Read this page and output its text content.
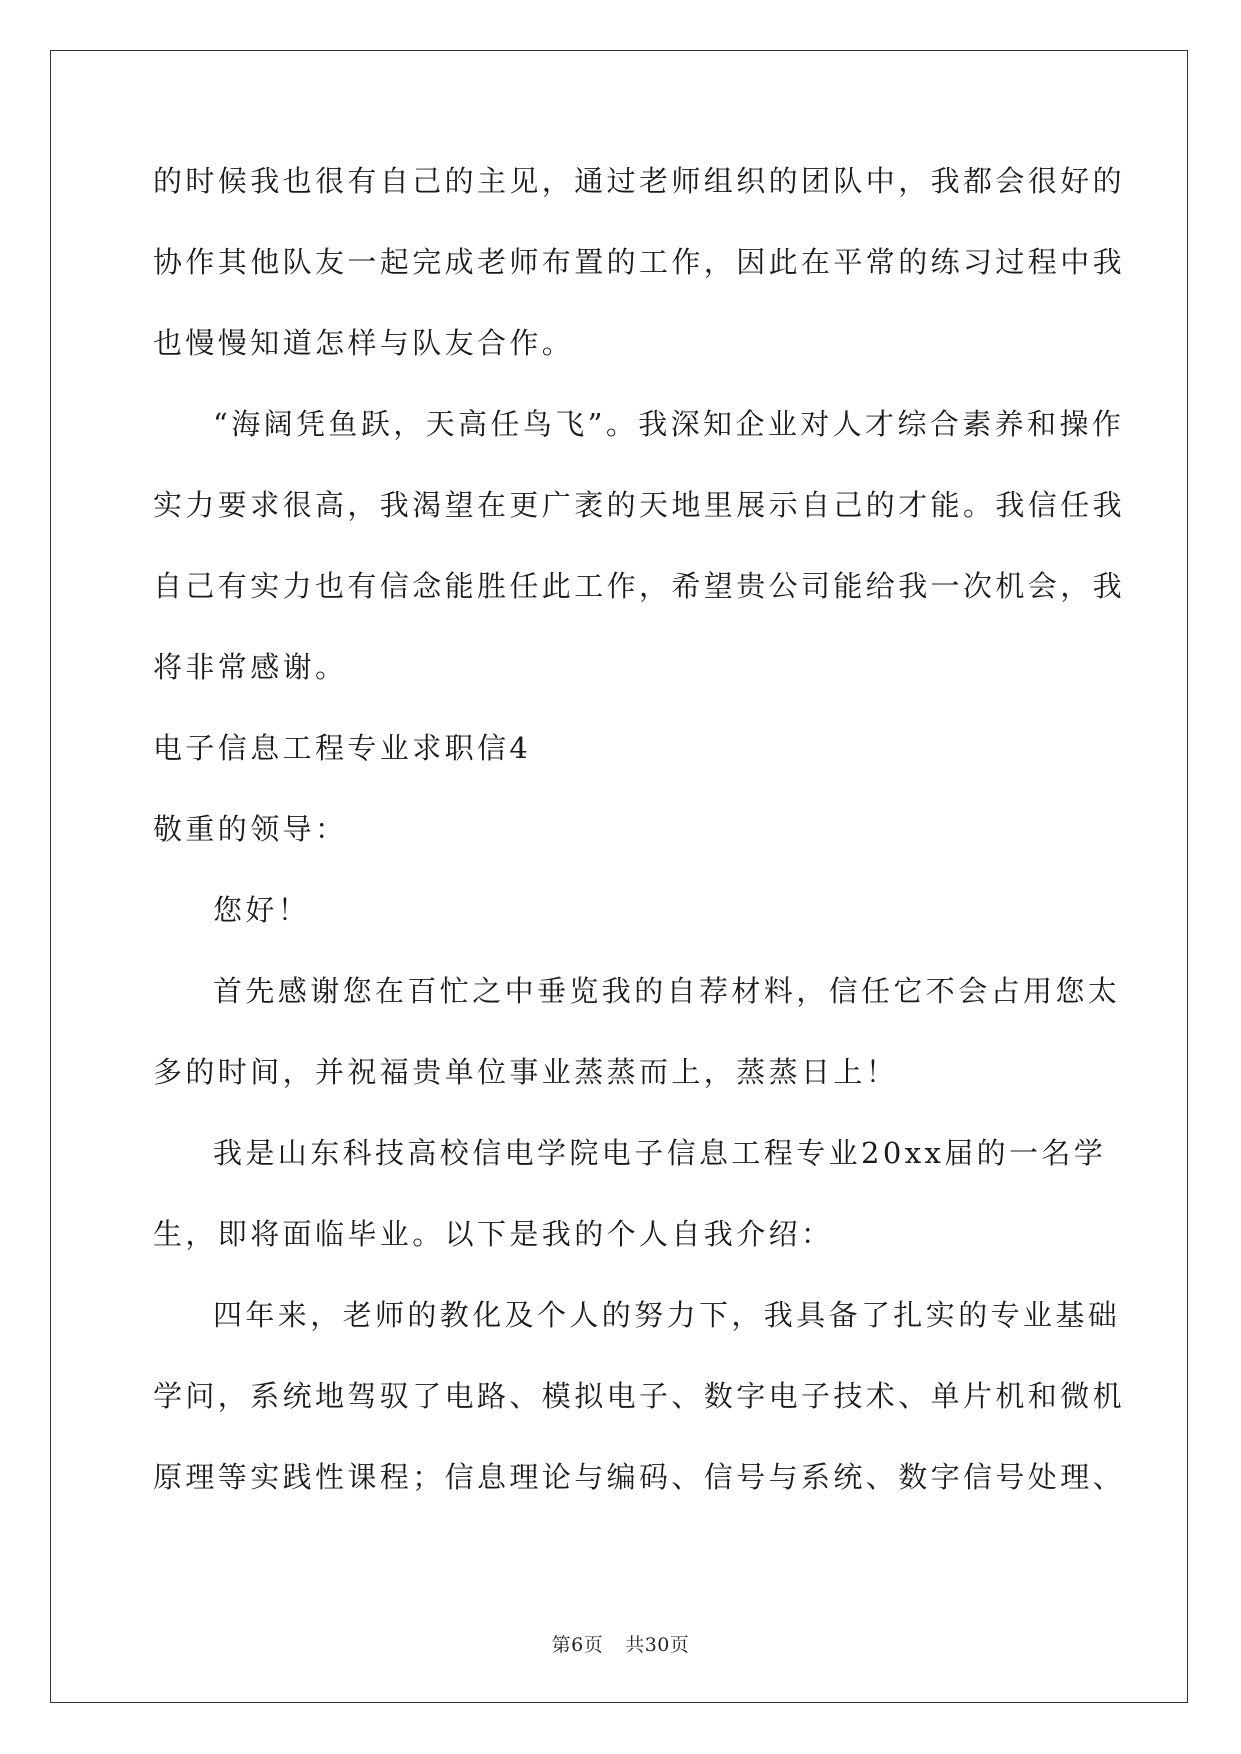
的时候我也很有自己的主见，通过老师组织的团队中，我都会很好的
协作其他队友一起完成老师布置的工作，因此在平常的练习过程中我
也慢慢知道怎样与队友合作。
“海阔凭鱼跃，天高任鸟飞”。我深知企业对人才综合素养和操作
实力要求很高，我渴望在更广袤的天地里展示自己的才能。我信任我
自己有实力也有信念能胜任此工作，希望贵公司能给我一次机会，我
将非常感谢。
电子信息工程专业求职信4
敬重的领导：
您好！
首先感谢您在百忙之中垂览我的自荐材料，信任它不会占用您太
多的时间，并祝福贵单位事业蒸蒸而上，蒸蒸日上！
我是山东科技高校信电学院电子信息工程专业20xx届的一名学
生，即将面临毕业。以下是我的个人自我介绍：
四年来，老师的教化及个人的努力下，我具备了扎实的专业基础
学问，系统地驾驭了电路、模拟电子、数字电子技术、单片机和微机
原理等实践性课程；信息理论与编码、信号与系统、数字信号处理、
第6页 共30页
